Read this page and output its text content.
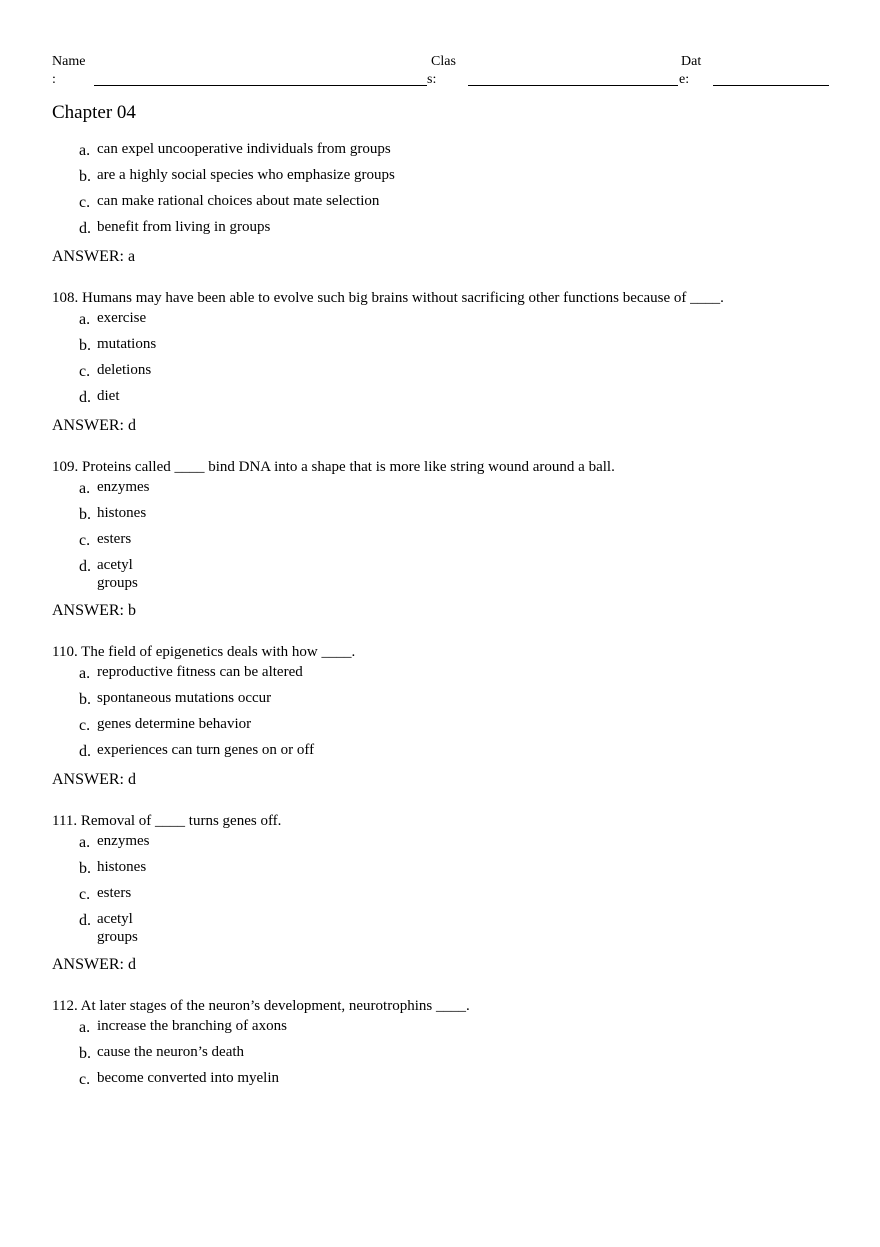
Name
:
Clas
s:
Dat
e:
Chapter 04
a. can expel uncooperative individuals from groups
b. are a highly social species who emphasize groups
c. can make rational choices about mate selection
d. benefit from living in groups
ANSWER: a
108. Humans may have been able to evolve such big brains without sacrificing other functions because of ____.
a. exercise
b. mutations
c. deletions
d. diet
ANSWER: d
109. Proteins called ____ bind DNA into a shape that is more like string wound around a ball.
a. enzymes
b. histones
c. esters
d. acetyl groups
ANSWER: b
110. The field of epigenetics deals with how ____.
a. reproductive fitness can be altered
b. spontaneous mutations occur
c. genes determine behavior
d. experiences can turn genes on or off
ANSWER: d
111. Removal of ____ turns genes off.
a. enzymes
b. histones
c. esters
d. acetyl groups
ANSWER: d
112. At later stages of the neuron’s development, neurotrophins ____.
a. increase the branching of axons
b. cause the neuron’s death
c. become converted into myelin
